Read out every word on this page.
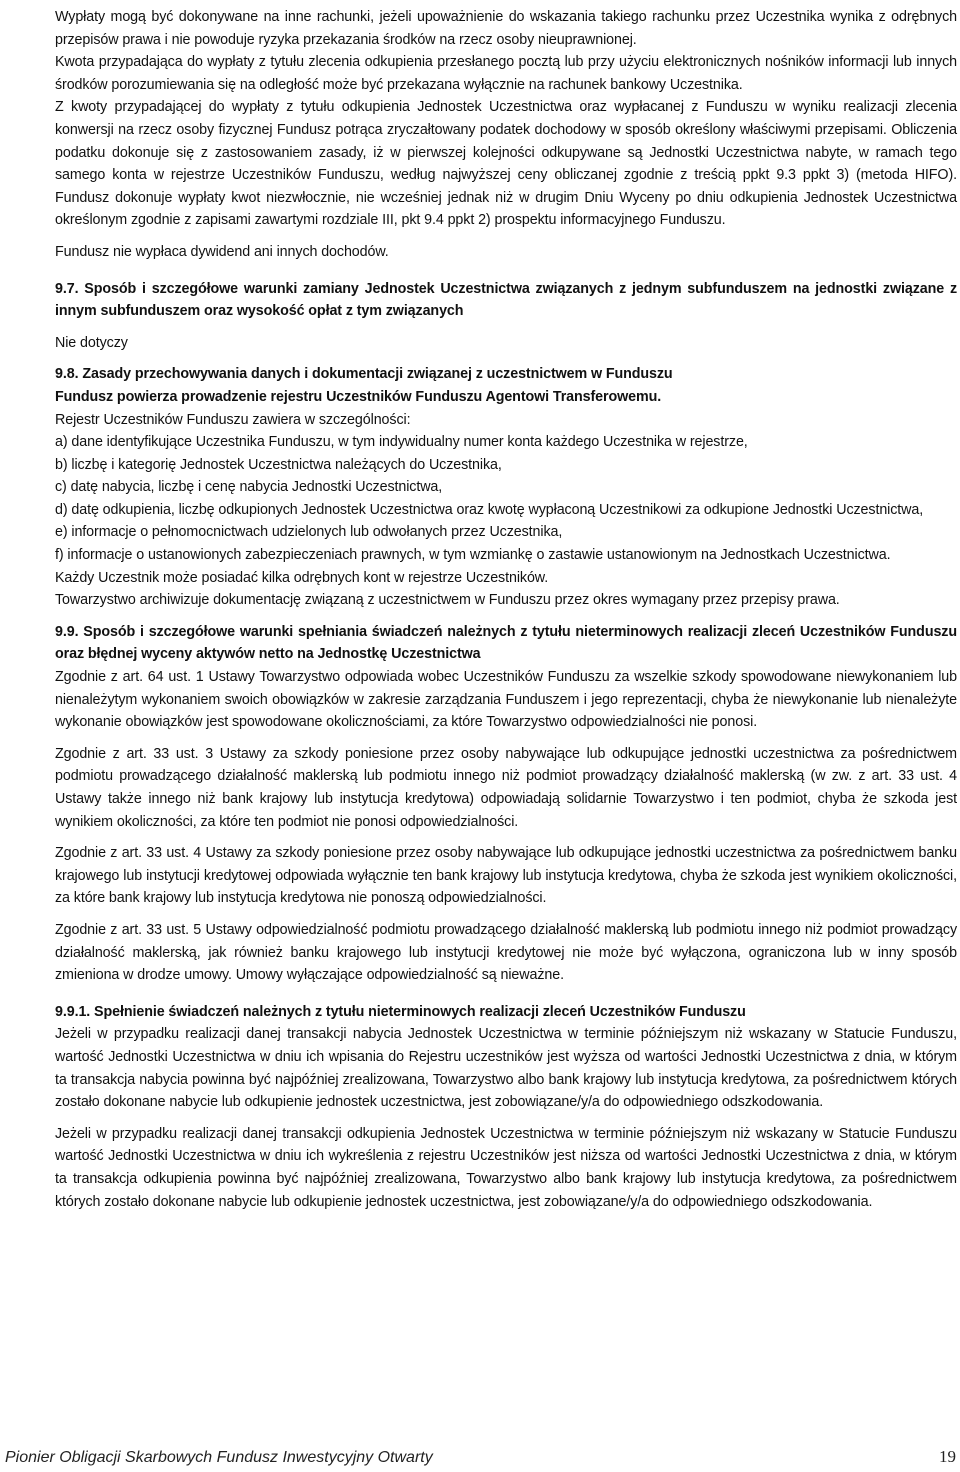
Wypłaty mogą być dokonywane na inne rachunki, jeżeli upoważnienie do wskazania takiego rachunku przez Uczestnika wynika z odrębnych przepisów prawa i nie powoduje ryzyka przekazania środków na rzecz osoby nieuprawnionej.

Kwota przypadająca do wypłaty z tytułu zlecenia odkupienia przesłanego pocztą lub przy użyciu elektronicznych nośników informacji lub innych środków porozumiewania się na odległość może być przekazana wyłącznie na rachunek bankowy Uczestnika.

Z kwoty przypadającej do wypłaty z tytułu odkupienia Jednostek Uczestnictwa oraz wypłacanej z Funduszu w wyniku realizacji zlecenia konwersji na rzecz osoby fizycznej Fundusz potrąca zryczałtowany podatek dochodowy w sposób określony właściwymi przepisami. Obliczenia podatku dokonuje się z zastosowaniem zasady, iż w pierwszej kolejności odkupywane są Jednostki Uczestnictwa nabyte, w ramach tego samego konta w rejestrze Uczestników Funduszu, według najwyższej ceny obliczanej zgodnie z treścią ppkt 9.3 ppkt 3) (metoda HIFO). Fundusz dokonuje wypłaty kwot niezwłocznie, nie wcześniej jednak niż w drugim Dniu Wyceny po dniu odkupienia Jednostek Uczestnictwa określonym zgodnie z zapisami zawartymi rozdziale III, pkt 9.4 ppkt 2) prospektu informacyjnego Funduszu.

Fundusz nie wypłaca dywidend ani innych dochodów.

9.7. Sposób i szczegółowe warunki zamiany Jednostek Uczestnictwa związanych z jednym subfunduszem na jednostki związane z innym subfunduszem oraz wysokość opłat z tym związanych

Nie dotyczy

9.8. Zasady przechowywania danych i dokumentacji związanej z uczestnictwem w Funduszu

Fundusz powierza prowadzenie rejestru Uczestników Funduszu Agentowi Transferowemu.

Rejestr Uczestników Funduszu zawiera w szczególności:

a) dane identyfikujące Uczestnika Funduszu, w tym indywidualny numer konta każdego Uczestnika w rejestrze,

b) liczbę i kategorię Jednostek Uczestnictwa należących do Uczestnika,

c) datę nabycia, liczbę i cenę nabycia Jednostki Uczestnictwa,

d) datę odkupienia, liczbę odkupionych Jednostek Uczestnictwa oraz kwotę wypłaconą Uczestnikowi za odkupione Jednostki Uczestnictwa,

e) informacje o pełnomocnictwach udzielonych lub odwołanych przez Uczestnika,

f) informacje o ustanowionych zabezpieczeniach prawnych, w tym wzmiankę o zastawie ustanowionym na Jednostkach Uczestnictwa.

Każdy Uczestnik może posiadać kilka odrębnych kont w rejestrze Uczestników.

Towarzystwo archiwizuje dokumentację związaną z uczestnictwem w Funduszu przez okres wymagany przez przepisy prawa.

9.9. Sposób i szczegółowe warunki spełniania świadczeń należnych z tytułu nieterminowych realizacji zleceń Uczestników Funduszu oraz błędnej wyceny aktywów netto na Jednostkę Uczestnictwa

Zgodnie z art. 64 ust. 1 Ustawy Towarzystwo odpowiada wobec Uczestników Funduszu za wszelkie szkody spowodowane niewykonaniem lub nienależytym wykonaniem swoich obowiązków w zakresie zarządzania Funduszem i jego reprezentacji, chyba że niewykonanie lub nienależyte wykonanie obowiązków jest spowodowane okolicznościami, za które Towarzystwo odpowiedzialności nie ponosi.

Zgodnie z art. 33 ust. 3 Ustawy za szkody poniesione przez osoby nabywające lub odkupujące jednostki uczestnictwa za pośrednictwem podmiotu prowadzącego działalność maklerską lub podmiotu innego niż podmiot prowadzący działalność maklerską (w zw. z art. 33 ust. 4 Ustawy także innego niż bank krajowy lub instytucja kredytowa) odpowiadają solidarnie Towarzystwo i ten podmiot, chyba że szkoda jest wynikiem okoliczności, za które ten podmiot nie ponosi odpowiedzialności.

Zgodnie z art. 33 ust. 4 Ustawy za szkody poniesione przez osoby nabywające lub odkupujące jednostki uczestnictwa za pośrednictwem banku krajowego lub instytucji kredytowej odpowiada wyłącznie ten bank krajowy lub instytucja kredytowa, chyba że szkoda jest wynikiem okoliczności, za które bank krajowy lub instytucja kredytowa nie ponoszą odpowiedzialności.

Zgodnie z art. 33 ust. 5 Ustawy odpowiedzialność podmiotu prowadzącego działalność maklerską lub podmiotu innego niż podmiot prowadzący działalność maklerską, jak również banku krajowego lub instytucji kredytowej nie może być wyłączona, ograniczona lub w inny sposób zmieniona w drodze umowy. Umowy wyłączające odpowiedzialność są nieważne.

9.9.1. Spełnienie świadczeń należnych z tytułu nieterminowych realizacji zleceń Uczestników Funduszu

Jeżeli w przypadku realizacji danej transakcji nabycia Jednostek Uczestnictwa w terminie późniejszym niż wskazany w Statucie Funduszu, wartość Jednostki Uczestnictwa w dniu ich wpisania do Rejestru uczestników jest wyższa od wartości Jednostki Uczestnictwa z dnia, w którym ta transakcja nabycia powinna być najpóźniej zrealizowana, Towarzystwo albo bank krajowy lub instytucja kredytowa, za pośrednictwem których zostało dokonane nabycie lub odkupienie jednostek uczestnictwa, jest zobowiązane/y/a do odpowiedniego odszkodowania.

Jeżeli w przypadku realizacji danej transakcji odkupienia Jednostek Uczestnictwa w terminie późniejszym niż wskazany w Statucie Funduszu wartość Jednostki Uczestnictwa w dniu ich wykreślenia z rejestru Uczestników jest niższa od wartości Jednostki Uczestnictwa z dnia, w którym ta transakcja odkupienia powinna być najpóźniej zrealizowana, Towarzystwo albo bank krajowy lub instytucja kredytowa, za pośrednictwem których zostało dokonane nabycie lub odkupienie jednostek uczestnictwa, jest zobowiązane/y/a do odpowiedniego odszkodowania.

Pionier Obligacji Skarbowych Fundusz Inwestycyjny Otwarty	19
